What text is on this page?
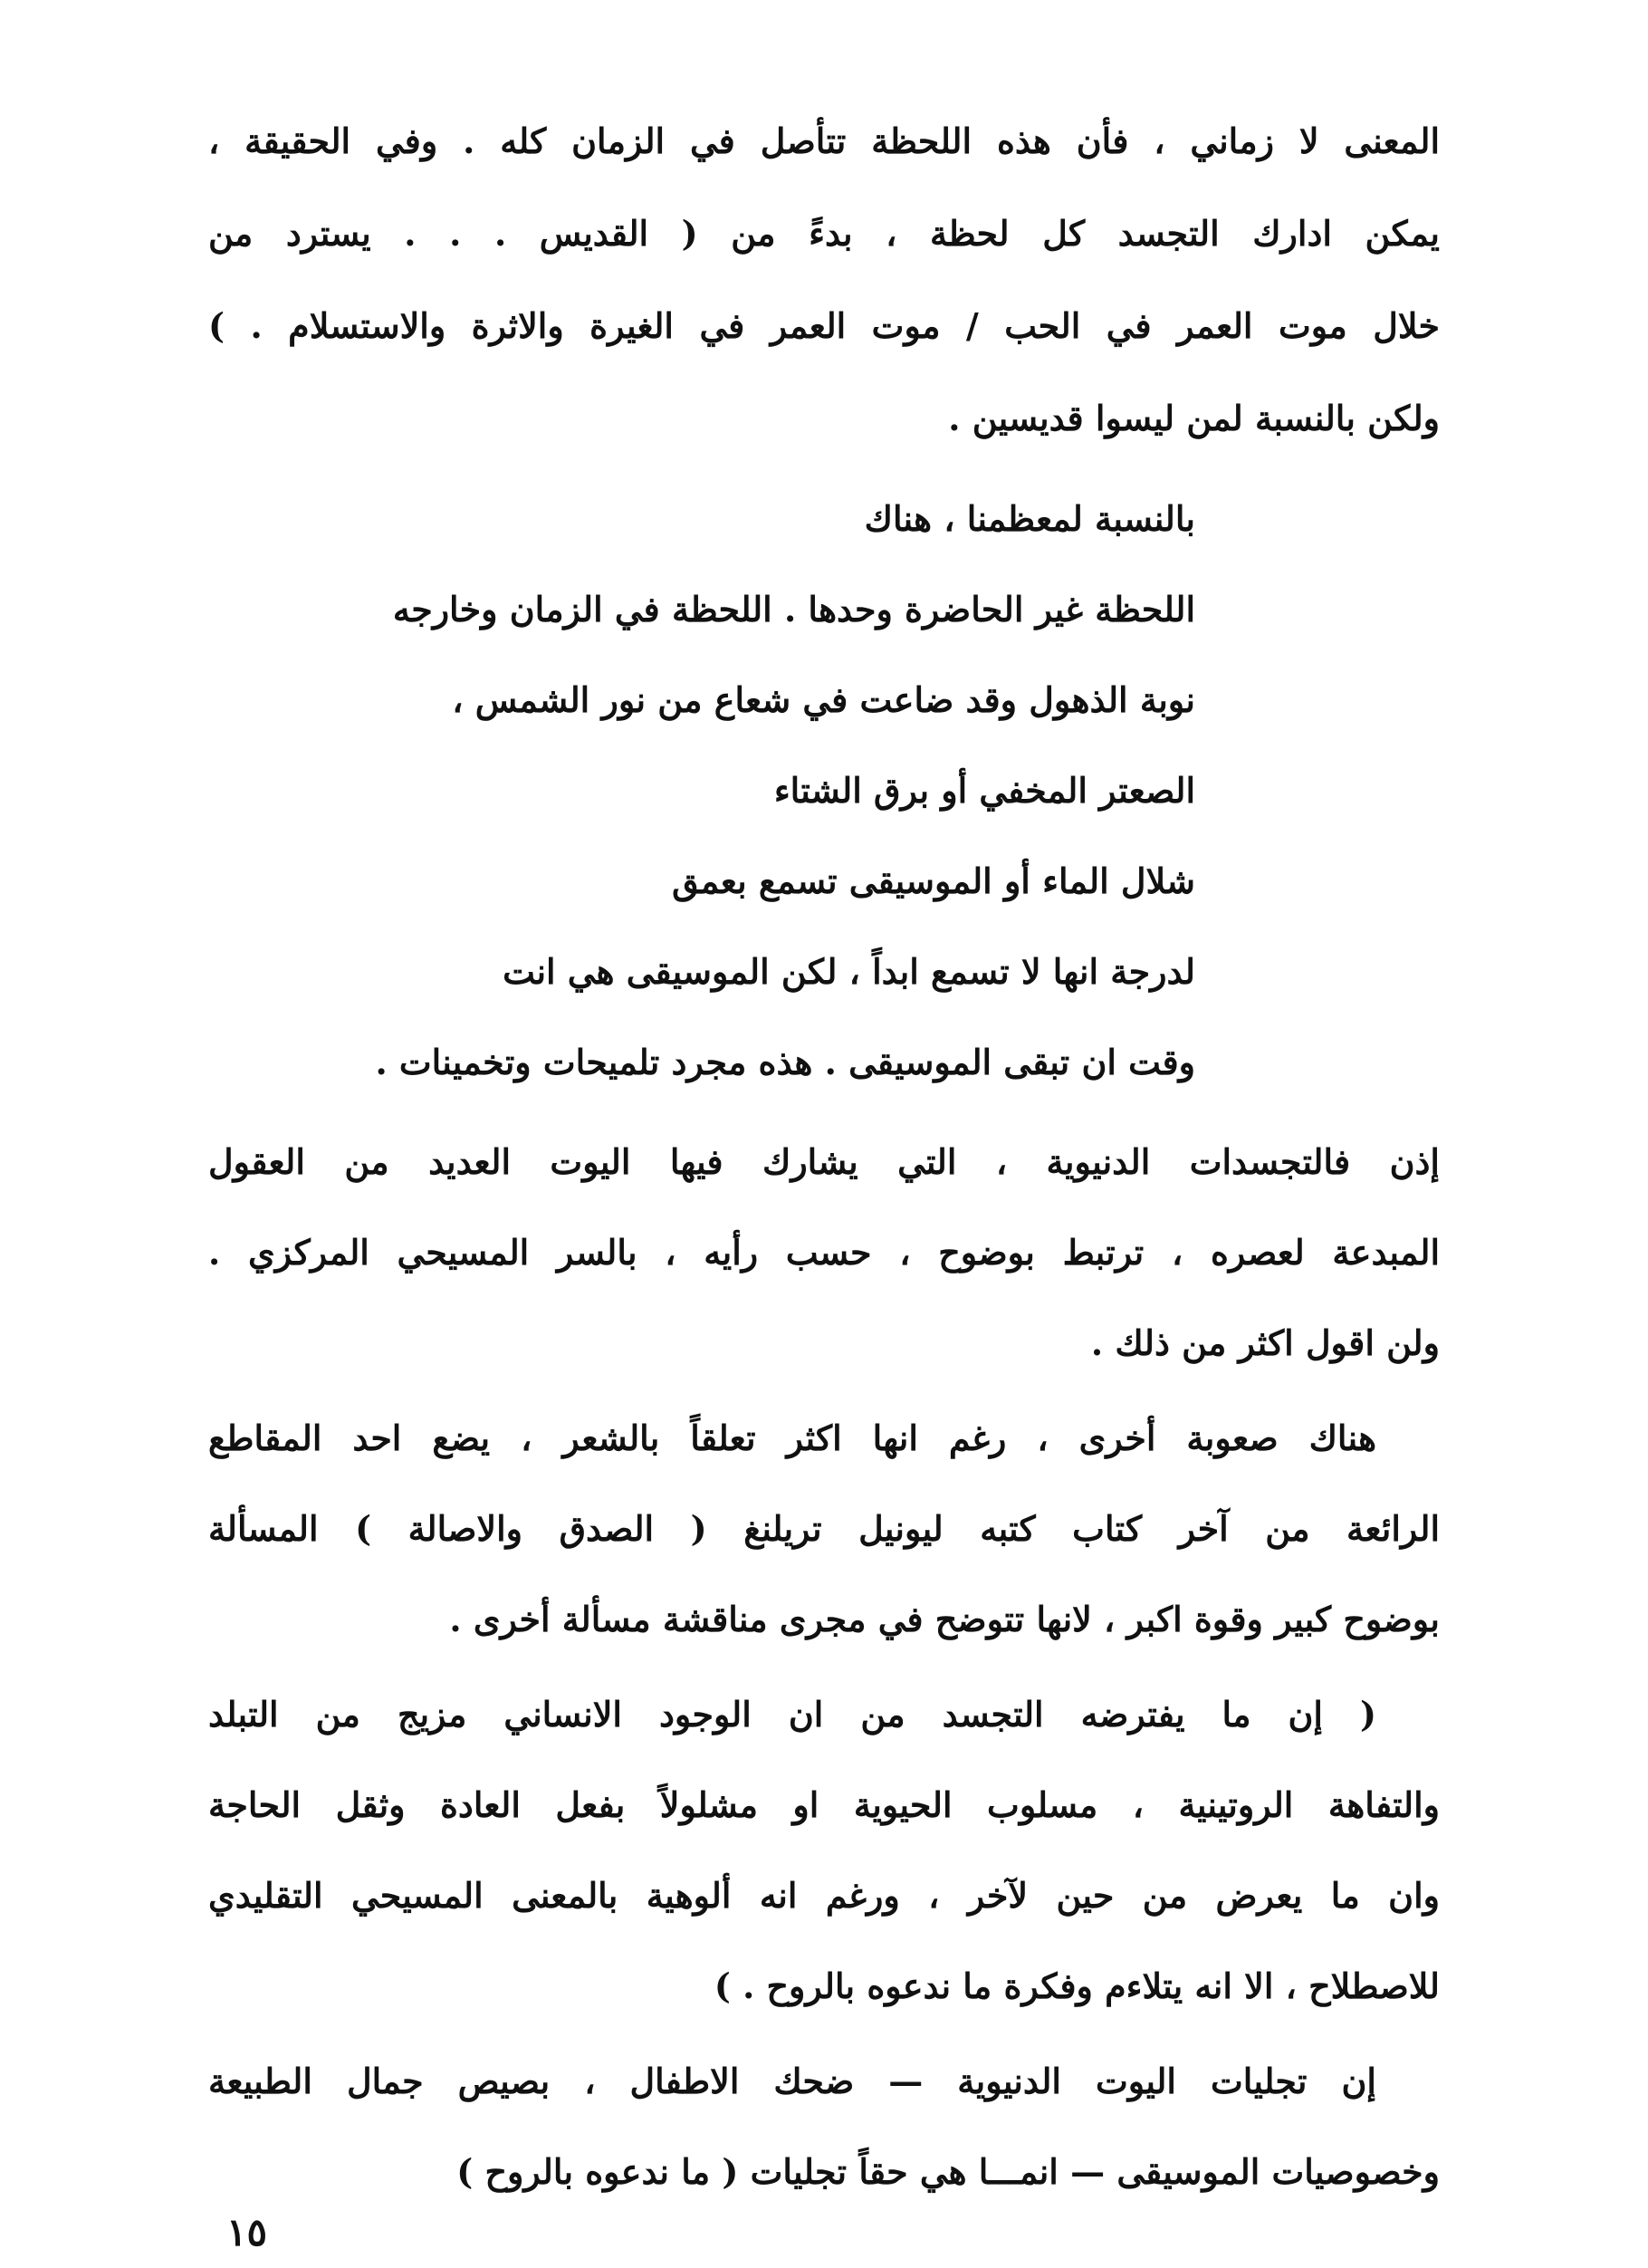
المعنى لا زماني ، فأن هذه اللحظة تتأصل في الزمان كله . وفي الحقيقة ،
يمكن ادارك التجسد كل لحظة ، بدءً من ( القديس . . . يسترد من
خلال موت العمر في الحب / موت العمر في الغيرة والاثرة والاستسلام . )
ولكن بالنسبة لمن ليسوا قديسين .
بالنسبة لمعظمنا ، هناك
اللحظة غير الحاضرة وحدها . اللحظة في الزمان وخارجه
نوبة الذهول وقد ضاعت في شعاع من نور الشمس ،
الصعتر المخفي أو برق الشتاء
شلال الماء أو الموسيقى تسمع بعمق
لدرجة انها لا تسمع ابداً ، لكن الموسيقى هي انت
وقت ان تبقى الموسيقى . هذه مجرد تلميحات وتخمينات .
إذن فالتجسدات الدنيوية ، التي يشارك فيها اليوت العديد من العقول
المبدعة لعصره ، ترتبط بوضوح ، حسب رأيه ، بالسر المسيحي المركزي .
ولن اقول اكثر من ذلك .
هناك صعوبة أخرى ، رغم انها اكثر تعلقاً بالشعر ، يضع احد المقاطع
الرائعة من آخر كتاب كتبه ليونيل تريلنغ ( الصدق والاصالة ) المسألة
بوضوح كبير وقوة اكبر ، لانها تتوضح في مجرى مناقشة مسألة أخرى .
( إن ما يفترضه التجسد من ان الوجود الانساني مزيج من التبلد
والتفاهة الروتينية ، مسلوب الحيوية او مشلولاً بفعل العادة وثقل الحاجة
وان ما يعرض من حين لآخر ، ورغم انه ألوهية بالمعنى المسيحي التقليدي
للاصطلاح ، الا انه يتلاءم وفكرة ما ندعوه بالروح . )
إن تجليات اليوت الدنيوية — ضحك الاطفال ، بصيص جمال الطبيعة
وخصوصيات الموسيقى — انمـــا هي حقاً تجليات ( ما ندعوه بالروح )
١٥
